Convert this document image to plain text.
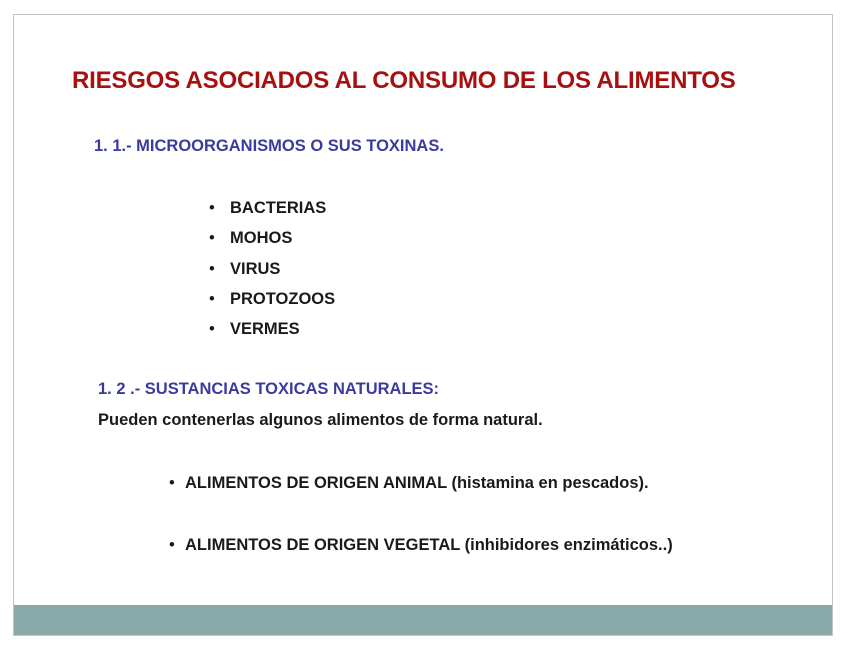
RIESGOS ASOCIADOS AL CONSUMO DE LOS ALIMENTOS
1. 1.- MICROORGANISMOS O SUS TOXINAS.
• BACTERIAS
• MOHOS
• VIRUS
• PROTOZOOS
• VERMES
1. 2 .- SUSTANCIAS TOXICAS NATURALES:

Pueden contenerlas algunos alimentos de forma natural.

• ALIMENTOS DE ORIGEN ANIMAL (histamina en pescados).
• ALIMENTOS DE ORIGEN VEGETAL (inhibidores enzimáticos..)
